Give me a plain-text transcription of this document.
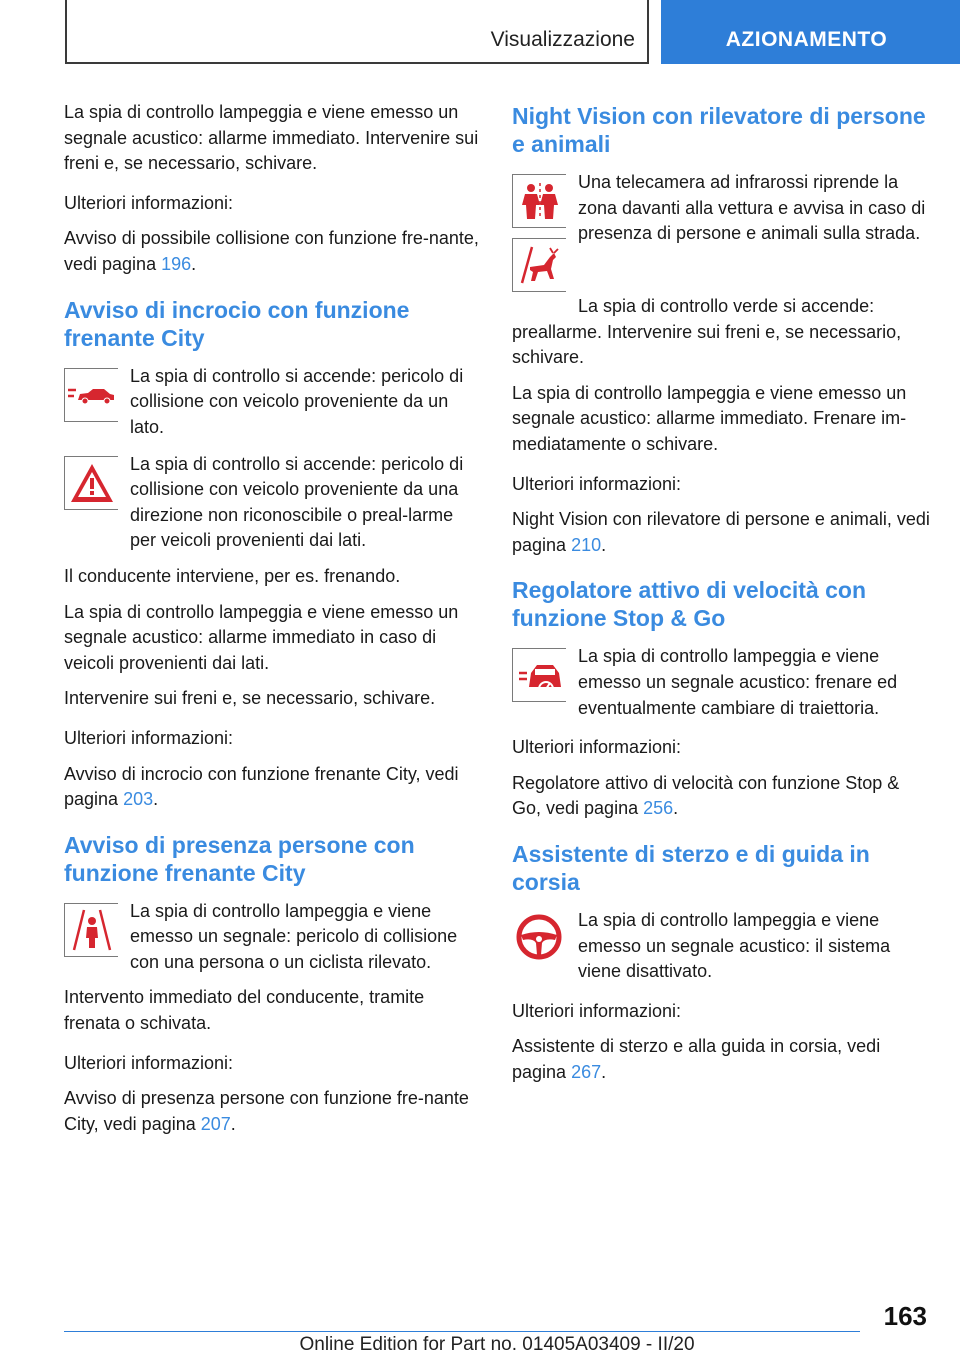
Visualizzazione	AZIONAMENTO

La spia di controllo lampeggia e viene emesso un segnale acustico: allarme immediato. Intervenire sui freni e, se necessario, schivare.

Ulteriori informazioni:

Avviso di possibile collisione con funzione fre-nante, vedi pagina 196.

Avviso di incrocio con funzione frenante City

La spia di controllo si accende: pericolo di collisione con veicolo proveniente da un lato.

La spia di controllo si accende: pericolo di collisione con veicolo proveniente da una direzione non riconoscibile o preal-larme per veicoli provenienti dai lati.

Il conducente interviene, per es. frenando.

La spia di controllo lampeggia e viene emesso un segnale acustico: allarme immediato in caso di veicoli provenienti dai lati.

Intervenire sui freni e, se necessario, schivare.

Ulteriori informazioni:

Avviso di incrocio con funzione frenante City, vedi pagina 203.

Avviso di presenza persone con funzione frenante City

La spia di controllo lampeggia e viene emesso un segnale: pericolo di collisione con una persona o un ciclista rilevato.

Intervento immediato del conducente, tramite frenata o schivata.

Ulteriori informazioni:

Avviso di presenza persone con funzione fre-nante City, vedi pagina 207.

Night Vision con rilevatore di persone e animali

Una telecamera ad infrarossi riprende la zona davanti alla vettura e avvisa in caso di presenza di persone e animali sulla strada.

La spia di controllo verde si accende: preallarme. Intervenire sui freni e, se necessario, schivare.

La spia di controllo lampeggia e viene emesso un segnale acustico: allarme immediato. Frenare im-mediatamente o schivare.

Ulteriori informazioni:

Night Vision con rilevatore di persone e animali, vedi pagina 210.

Regolatore attivo di velocità con funzione Stop & Go

La spia di controllo lampeggia e viene emesso un segnale acustico: frenare ed eventualmente cambiare di traiettoria.

Ulteriori informazioni:

Regolatore attivo di velocità con funzione Stop & Go, vedi pagina 256.

Assistente di sterzo e di guida in corsia

La spia di controllo lampeggia e viene emesso un segnale acustico: il sistema viene disattivato.

Ulteriori informazioni:

Assistente di sterzo e alla guida in corsia, vedi pagina 267.

163
Online Edition for Part no. 01405A03409 - II/20
